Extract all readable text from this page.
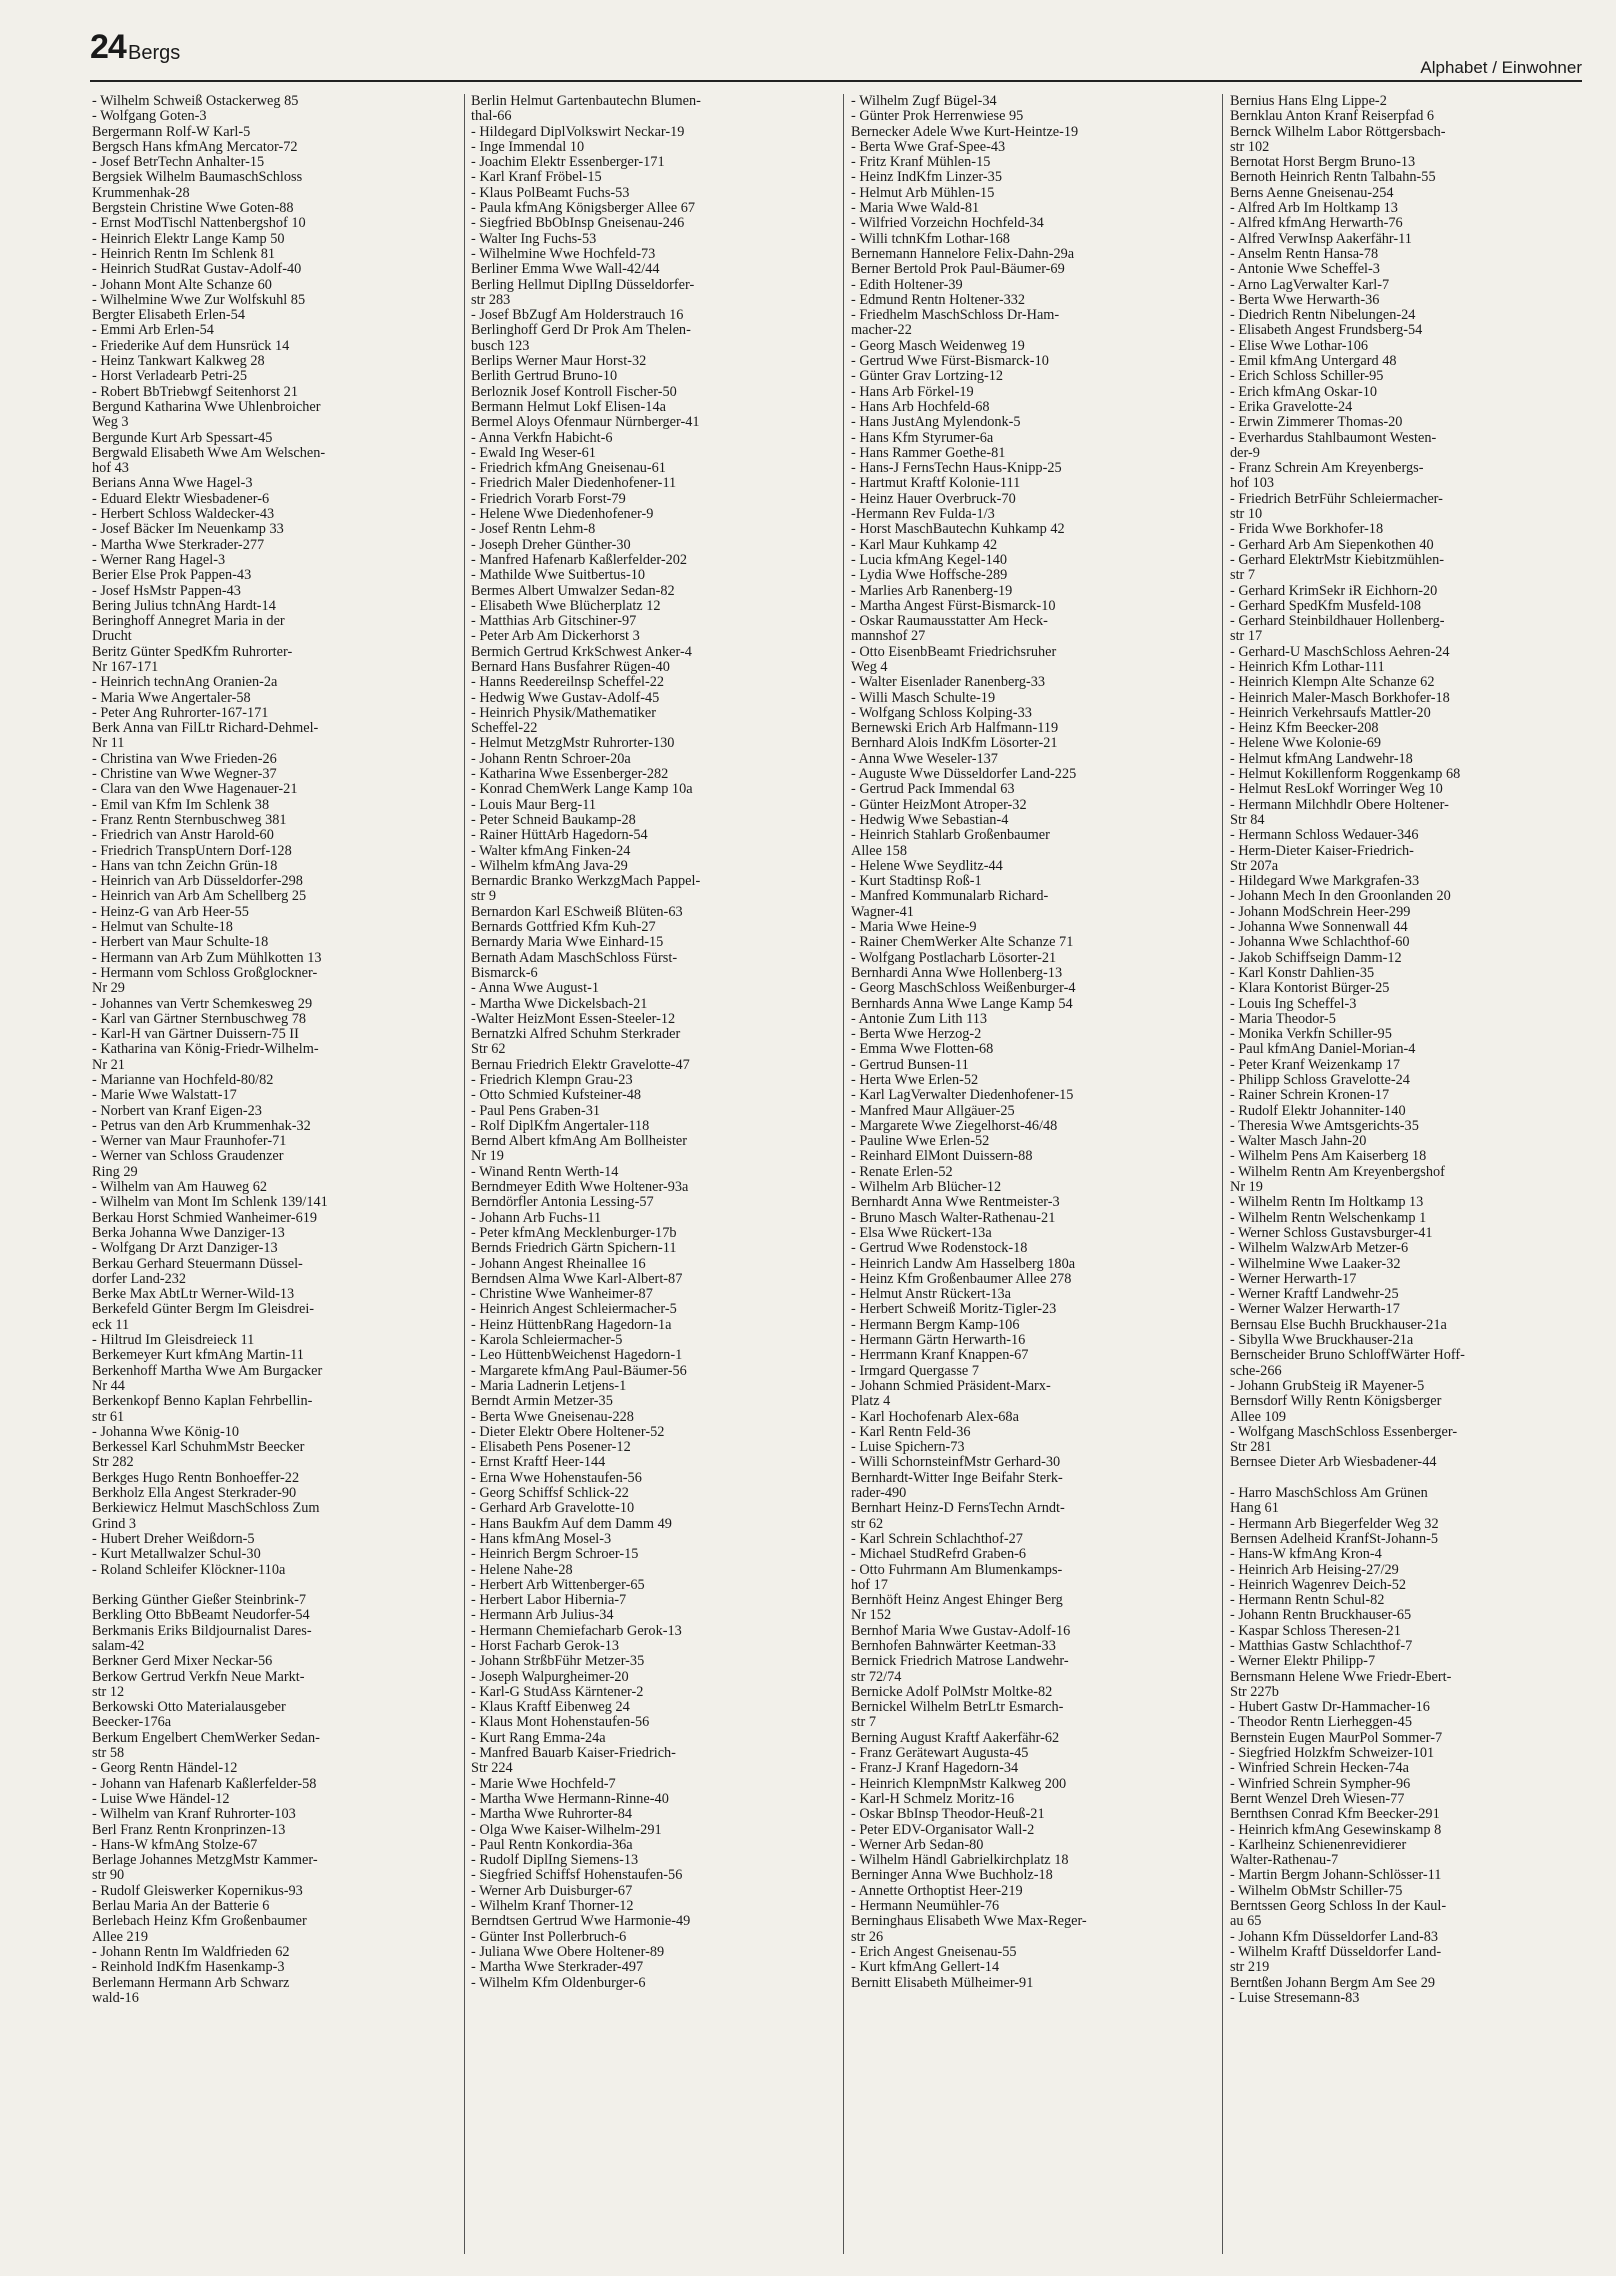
24 Bergs
Alphabet / Einwohner
- Wilhelm Schweiß Ostackerweg 85
- Wolfgang Goten-3
Bergermann Rolf-W Karl-5
Bergsch Hans kfmAng Mercator-72
- Josef BetrTechn Anhalter-15
Bergsiek Wilhelm BaumaschSchloss
Krummenhak-28
Bergstein Christine Wwe Goten-88
- Ernst ModTischl Nattenbergshof 10
- Heinrich Elektr Lange Kamp 50
- Heinrich Rentn Im Schlenk 81
- Heinrich StudRat Gustav-Adolf-40
- Johann Mont Alte Schanze 60
- Wilhelmine Wwe Zur Wolfskuhl 85
Bergter Elisabeth Erlen-54
- Emmi Arb Erlen-54
- Friederike Auf dem Hunsrück 14
- Heinz Tankwart Kalkweg 28
- Horst Verladearb Petri-25
- Robert BbTriebwgf Seitenhorst 21
Bergund Katharina Wwe Uhlenbroicher
Weg 3
Bergunde Kurt Arb Spessart-45
Bergwald Elisabeth Wwe Am Welschen-
hof 43
Berians Anna Wwe Hagel-3
- Eduard Elektr Wiesbadener-6
- Herbert Schloss Waldecker-43
- Josef Bäcker Im Neuenkamp 33
- Martha Wwe Sterkrader-277
- Werner Rang Hagel-3
Berier Else Prok Pappen-43
- Josef HsMstr Pappen-43
Bering Julius tchnAng Hardt-14
Beringhoff Annegret Maria in der
Drucht
Beritz Günter SpedKfm Ruhrorter-
Nr 167-171
- Heinrich technAng Oranien-2a
- Maria Wwe Angertaler-58
- Peter Ang Ruhrorter-167-171
Berk Anna van FilLtr Richard-Dehmel-
Nr 11
- Christina van Wwe Frieden-26
- Christine van Wwe Wegner-37
- Clara van den Wwe Hagenauer-21
- Emil van Kfm Im Schlenk 38
- Franz Rentn Sternbuschweg 381
- Friedrich van Anstr Harold-60
- Friedrich TranspUntern Dorf-128
- Hans van tchn Zeichn Grün-18
- Heinrich van Arb Düsseldorfer-298
- Heinrich van Arb Am Schellberg 25
- Heinz-G van Arb Heer-55
- Helmut van Schulte-18
- Herbert van Maur Schulte-18
- Hermann van Arb Zum Mühlkotten 13
- Hermann vom Schloss Großglockner-
Nr 29
- Johannes van Vertr Schemkesweg 29
- Karl van Gärtner Sternbuschweg 78
- Karl-H van Gärtner Duissern-75 II
- Katharina van König-Friedr-Wilhelm-
Nr 21
- Marianne van Hochfeld-80/82
- Marie Wwe Walstatt-17
- Norbert van Kranf Eigen-23
- Petrus van den Arb Krummenhak-32
- Werner van Maur Fraunhofer-71
- Werner van Schloss Graudenzer
Ring 29
- Wilhelm van Am Hauweg 62
- Wilhelm van Mont Im Schlenk 139/141
Berkau Horst Schmied Wanheimer-619
Berka Johanna Wwe Danziger-13
- Wolfgang Dr Arzt Danziger-13
Berkau Gerhard Steuermann Düssel-
dorfer Land-232
Berke Max AbtLtr Werner-Wild-13
Berkefeld Günter Bergm Im Gleisdrei-
eck 11
- Hiltrud Im Gleisdreieck 11
Berkemeyer Kurt kfmAng Martin-11
Berkenhoff Martha Wwe Am Burgacker
Nr 44
Berkenkopf Benno Kaplan Fehrbellin-
str 61
- Johanna Wwe König-10
Berkessel Karl SchuhmMstr Beecker
Str 282
Berkges Hugo Rentn Bonhoeffer-22
Berkholz Ella Angest Sterkrader-90
Berkiewicz Helmut MaschSchloss Zum
Grind 3
- Hubert Dreher Weißdorn-5
- Kurt Metallwalzer Schul-30
- Roland Schleifer Klöckner-110a

Berking Günther Gießer Steinbrink-7
Berkling Otto BbBeamt Neudorfer-54
Berkmanis Eriks Bildjournalist Dares-
salam-42
Berkner Gerd Mixer Neckar-56
Berkow Gertrud Verkfn Neue Markt-
str 12
Berkowski Otto Materialausgeber
Beecker-176a
Berkum Engelbert ChemWerker Sedan-
str 58
- Georg Rentn Händel-12
- Johann van Hafenarb Kaßlerfelder-58
- Luise Wwe Händel-12
- Wilhelm van Kranf Ruhrorter-103
Berl Franz Rentn Kronprinzen-13
- Hans-W kfmAng Stolze-67
Berlage Johannes MetzgMstr Kammer-
str 90
- Rudolf Gleiswerker Kopernikus-93
Berlau Maria An der Batterie 6
Berlebach Heinz Kfm Großenbaumer
Allee 219
- Johann Rentn Im Waldfrieden 62
- Reinhold IndKfm Hasenkamp-3
Berlemann Hermann Arb Schwarz
wald-16
Berlin Helmut Gartenbautechn Blumen-
thal-66
- Hildegard DiplVolkswirt Neckar-19
- Inge Immendal 10
- Joachim Elektr Essenberger-171
- Karl Kranf Fröbel-15
- Klaus PolBeamt Fuchs-53
- Paula kfmAng Königsberger Allee 67
- Siegfried BbObInsp Gneisenau-246
- Walter Ing Fuchs-53
- Wilhelmine Wwe Hochfeld-73
Berliner Emma Wwe Wall-42/44
Berling Hellmut DiplIng Düsseldorfer-
str 283
- Josef BbZugf Am Holderstrauch 16
Berlinghoff Gerd Dr Prok Am Thelen-
busch 123
Berlips Werner Maur Horst-32
Berlith Gertrud Bruno-10
Berloznik Josef Kontroll Fischer-50
Bermann Helmut Lokf Elisen-14a
Bermel Aloys Ofenmaur Nürnberger-41
- Anna Verkfn Habicht-6
- Ewald Ing Weser-61
- Friedrich kfmAng Gneisenau-61
- Friedrich Maler Diedenhofener-11
- Friedrich Vorarb Forst-79
- Helene Wwe Diedenhofener-9
- Josef Rentn Lehm-8
- Joseph Dreher Günther-30
- Manfred Hafenarb Kaßlerfelder-202
- Mathilde Wwe Suitbertus-10
Bermes Albert Umwalzer Sedan-82
- Elisabeth Wwe Blücherplatz 12
- Matthias Arb Gitschiner-97
- Peter Arb Am Dickerhorst 3
Bermich Gertrud KrkSchwest Anker-4
Bernard Hans Busfahrer Rügen-40
- Hanns Reedereilnsp Scheffel-22
- Hedwig Wwe Gustav-Adolf-45
- Heinrich Physik/Mathematiker
Scheffel-22
- Helmut MetzgMstr Ruhrorter-130
- Johann Rentn Schroer-20a
- Katharina Wwe Essenberger-282
- Konrad ChemWerk Lange Kamp 10a
- Louis Maur Berg-11
- Peter Schneid Baukamp-28
- Rainer HüttArb Hagedorn-54
- Walter kfmAng Finken-24
- Wilhelm kfmAng Java-29
Bernardic Branko WerkzgMach Pappel-
str 9
Bernardon Karl ESchweiß Blüten-63
Bernards Gottfried Kfm Kuh-27
Bernardy Maria Wwe Einhard-15
Bernath Adam MaschSchloss Fürst-
Bismarck-6
- Anna Wwe August-1
- Martha Wwe Dickelsbach-21
-Walter HeizMont Essen-Steeler-12
Bernatzki Alfred Schuhm Sterkrader
Str 62
Bernau Friedrich Elektr Gravelotte-47
- Friedrich Klempn Grau-23
- Otto Schmied Kufsteiner-48
- Paul Pens Graben-31
- Rolf DiplKfm Angertaler-118
Bernd Albert kfmAng Am Bollheister
Nr 19
- Winand Rentn Werth-14
Berndmeyer Edith Wwe Holtener-93a
Berndörfler Antonia Lessing-57
- Johann Arb Fuchs-11
- Peter kfmAng Mecklenburger-17b
Bernds Friedrich Gärtn Spichern-11
- Johann Angest Rheinallee 16
Berndsen Alma Wwe Karl-Albert-87
- Christine Wwe Wanheimer-87
- Heinrich Angest Schleiermacher-5
- Heinz HüttenbRang Hagedorn-1a
- Karola Schleiermacher-5
- Leo HüttenbWeichenst Hagedorn-1
- Margarete kfmAng Paul-Bäumer-56
- Maria Ladnerin Letjens-1
Berndt Armin Metzer-35
- Berta Wwe Gneisenau-228
- Dieter Elektr Obere Holtener-52
- Elisabeth Pens Posener-12
- Ernst Kraftf Heer-144
- Erna Wwe Hohenstaufen-56
- Georg Schiffsf Schlick-22
- Gerhard Arb Gravelotte-10
- Hans Baukfm Auf dem Damm 49
- Hans kfmAng Mosel-3
- Heinrich Bergm Schroer-15
- Helene Nahe-28
- Herbert Arb Wittenberger-65
- Herbert Labor Hibernia-7
- Hermann Arb Julius-34
- Hermann Chemiefacharb Gerok-13
- Horst Facharb Gerok-13
- Johann StrßbFühr Metzer-35
- Joseph Walpurgheimer-20
- Karl-G StudAss Kärntener-2
- Klaus Kraftf Eibenweg 24
- Klaus Mont Hohenstaufen-56
- Kurt Rang Emma-24a
- Manfred Bauarb Kaiser-Friedrich-
Str 224
- Marie Wwe Hochfeld-7
- Martha Wwe Hermann-Rinne-40
- Martha Wwe Ruhrorter-84
- Olga Wwe Kaiser-Wilhelm-291
- Paul Rentn Konkordia-36a
- Rudolf DiplIng Siemens-13
- Siegfried Schiffsf Hohenstaufen-56
- Werner Arb Duisburger-67
- Wilhelm Kranf Thorner-12
Berndtsen Gertrud Wwe Harmonie-49
- Günter Inst Pollerbruch-6
- Juliana Wwe Obere Holtener-89
- Martha Wwe Sterkrader-497
- Wilhelm Kfm Oldenburger-6
- Wilhelm Zugf Bügel-34
- Günter Prok Herrenwiese 95
Bernecker Adele Wwe Kurt-Heintze-19
- Berta Wwe Graf-Spee-43
- Fritz Kranf Mühlen-15
- Heinz IndKfm Linzer-35
- Helmut Arb Mühlen-15
- Maria Wwe Wald-81
- Wilfried Vorzeichn Hochfeld-34
- Willi tchnKfm Lothar-168
Bernemann Hannelore Felix-Dahn-29a
Berner Bertold Prok Paul-Bäumer-69
- Edith Holtener-39
- Edmund Rentn Holtener-332
- Friedhelm MaschSchloss Dr-Ham-
macher-22
- Georg Masch Weidenweg 19
- Gertrud Wwe Fürst-Bismarck-10
- Günter Grav Lortzing-12
- Hans Arb Förkel-19
- Hans Arb Hochfeld-68
- Hans JustAng Mylendonk-5
- Hans Kfm Styrumer-6a
- Hans Rammer Goethe-81
- Hans-J FernsTechn Haus-Knipp-25
- Hartmut Kraftf Kolonie-111
- Heinz Hauer Overbruck-70
-Hermann Rev Fulda-1/3
- Horst MaschBautechn Kuhkamp 42
- Karl Maur Kuhkamp 42
- Lucia kfmAng Kegel-140
- Lydia Wwe Hoffsche-289
- Marlies Arb Ranenberg-19
- Martha Angest Fürst-Bismarck-10
- Oskar Raumausstatter Am Heck-
mannshof 27
- Otto EisenbBeamt Friedrichsruher
Weg 4
- Walter Eisenlader Ranenberg-33
- Willi Masch Schulte-19
- Wolfgang Schloss Kolping-33
Bernewski Erich Arb Halfmann-119
Bernhard Alois IndKfm Lösorter-21
- Anna Wwe Weseler-137
- Auguste Wwe Düsseldorfer Land-225
- Gertrud Pack Immendal 63
- Günter HeizMont Atroper-32
- Hedwig Wwe Sebastian-4
- Heinrich Stahlarb Großenbaumer
Allee 158
- Helene Wwe Seydlitz-44
- Kurt Stadtinsp Roß-1
- Manfred Kommunalarb Richard-
Wagner-41
- Maria Wwe Heine-9
- Rainer ChemWerker Alte Schanze 71
- Wolfgang Postlacharb Lösorter-21
Bernhardi Anna Wwe Hollenberg-13
- Georg MaschSchloss Weißenburger-4
Bernhards Anna Wwe Lange Kamp 54
- Antonie Zum Lith 113
- Berta Wwe Herzog-2
- Emma Wwe Flotten-68
- Gertrud Bunsen-11
- Herta Wwe Erlen-52
- Karl LagVerwalter Diedenhofener-15
- Manfred Maur Allgäuer-25
- Margarete Wwe Ziegelhorst-46/48
- Pauline Wwe Erlen-52
- Reinhard ElMont Duissern-88
- Renate Erlen-52
- Wilhelm Arb Blücher-12
Bernhardt Anna Wwe Rentmeister-3
- Bruno Masch Walter-Rathenau-21
- Elsa Wwe Rückert-13a
- Gertrud Wwe Rodenstock-18
- Heinrich Landw Am Hasselberg 180a
- Heinz Kfm Großenbaumer Allee 278
- Helmut Anstr Rückert-13a
- Herbert Schweiß Moritz-Tigler-23
- Hermann Bergm Kamp-106
- Hermann Gärtn Herwarth-16
- Herrmann Kranf Knappen-67
- Irmgard Quergasse 7
- Johann Schmied Präsident-Marx-
Platz 4
- Karl Hochofenarb Alex-68a
- Karl Rentn Feld-36
- Luise Spichern-73
- Willi SchornsteinfMstr Gerhard-30
Bernhardt-Witter Inge Beifahr Sterk-
rader-490
Bernhart Heinz-D FernsTechn Arndt-
str 62
- Karl Schrein Schlachthof-27
- Michael StudRefrd Graben-6
- Otto Fuhrmann Am Blumenkamps-
hof 17
Bernhöft Heinz Angest Ehinger Berg
Nr 152
Bernhof Maria Wwe Gustav-Adolf-16
Bernhofen Bahnwärter Keetman-33
Bernick Friedrich Matrose Landwehr-
str 72/74
Bernicke Adolf PolMstr Moltke-82
Bernickel Wilhelm BetrLtr Esmarch-
str 7
Berning August Kraftf Aakerfähr-62
- Franz Gerätewart Augusta-45
- Franz-J Kranf Hagedorn-34
- Heinrich KlempnMstr Kalkweg 200
- Karl-H Schmelz Moritz-16
- Oskar BbInsp Theodor-Heuß-21
- Peter EDV-Organisator Wall-2
- Werner Arb Sedan-80
- Wilhelm Händl Gabrielkirchplatz 18
Berninger Anna Wwe Buchholz-18
- Annette Orthoptist Heer-219
- Hermann Neumühler-76
Berninghaus Elisabeth Wwe Max-Reger-
str 26
- Erich Angest Gneisenau-55
- Kurt kfmAng Gellert-14
Bernitt Elisabeth Mülheimer-91
Bernius Hans Elng Lippe-2
Bernklau Anton Kranf Reiserpfad 6
Bernck Wilhelm Labor Röttgersbach-
str 102
Bernotat Horst Bergm Bruno-13
Bernoth Heinrich Rentn Talbahn-55
Berns Aenne Gneisenau-254
- Alfred Arb Im Holtkamp 13
- Alfred kfmAng Herwarth-76
- Alfred VerwInsp Aakerfähr-11
- Anselm Rentn Hansa-78
- Antonie Wwe Scheffel-3
- Arno LagVerwalter Karl-7
- Berta Wwe Herwarth-36
- Diedrich Rentn Nibelungen-24
- Elisabeth Angest Frundsberg-54
- Elise Wwe Lothar-106
- Emil kfmAng Untergard 48
- Erich Schloss Schiller-95
- Erich kfmAng Oskar-10
- Erika Gravelotte-24
- Erwin Zimmerer Thomas-20
- Everhardus Stahlbaumont Westen-
der-9
- Franz Schrein Am Kreyenbergs-
hof 103
- Friedrich BetrFühr Schleiermacher-
str 10
- Frida Wwe Borkhofer-18
- Gerhard Arb Am Siepenkothen 40
- Gerhard ElektrMstr Kiebitzmühlen-
str 7
- Gerhard KrimSekr iR Eichhorn-20
- Gerhard SpedKfm Musfeld-108
- Gerhard Steinbildhauer Hollenberg-
str 17
- Gerhard-U MaschSchloss Aehren-24
- Heinrich Kfm Lothar-111
- Heinrich Klempn Alte Schanze 62
- Heinrich Maler-Masch Borkhofer-18
- Heinrich Verkehrsaufs Mattler-20
- Heinz Kfm Beecker-208
- Helene Wwe Kolonie-69
- Helmut kfmAng Landwehr-18
- Helmut Kokillenform Roggenkamp 68
- Helmut ResLokf Worringer Weg 10
- Hermann Milchhdlr Obere Holtener-
Str 84
- Hermann Schloss Wedauer-346
- Herm-Dieter Kaiser-Friedrich-
Str 207a
- Hildegard Wwe Markgrafen-33
- Johann Mech In den Groonlanden 20
- Johann ModSchrein Heer-299
- Johanna Wwe Sonnenwall 44
- Johanna Wwe Schlachthof-60
- Jakob Schiffseign Damm-12
- Karl Konstr Dahlien-35
- Klara Kontorist Bürger-25
- Louis Ing Scheffel-3
- Maria Theodor-5
- Monika Verkfn Schiller-95
- Paul kfmAng Daniel-Morian-4
- Peter Kranf Weizenkamp 17
- Philipp Schloss Gravelotte-24
- Rainer Schrein Kronen-17
- Rudolf Elektr Johanniter-140
- Theresia Wwe Amtsgerichts-35
- Walter Masch Jahn-20
- Wilhelm Pens Am Kaiserberg 18
- Wilhelm Rentn Am Kreyenbergshof
Nr 19
- Wilhelm Rentn Im Holtkamp 13
- Wilhelm Rentn Welschenkamp 1
- Werner Schloss Gustavsburger-41
- Wilhelm WalzwArb Metzer-6
- Wilhelmine Wwe Laaker-32
- Werner Herwarth-17
- Werner Kraftf Landwehr-25
- Werner Walzer Herwarth-17
Bernsau Else Buchh Bruckhauser-21a
- Sibylla Wwe Bruckhauser-21a
Bernscheider Bruno SchloffWärter Hoff-
sche-266
- Johann GrubSteig iR Mayener-5
Bernsdorf Willy Rentn Königsberger
Allee 109
- Wolfgang MaschSchloss Essenberger-
Str 281
Bernsee Dieter Arb Wiesbadener-44

- Harro MaschSchloss Am Grünen
Hang 61
- Hermann Arb Biegerfelder Weg 32
Bernsen Adelheid KranfSt-Johann-5
- Hans-W kfmAng Kron-4
- Heinrich Arb Heising-27/29
- Heinrich Wagenrev Deich-52
- Hermann Rentn Schul-82
- Johann Rentn Bruckhauser-65
- Kaspar Schloss Theresen-21
- Matthias Gastw Schlachthof-7
- Werner Elektr Philipp-7
Bernsmann Helene Wwe Friedr-Ebert-
Str 227b
- Hubert Gastw Dr-Hammacher-16
- Theodor Rentn Lierheggen-45
Bernstein Eugen MaurPol Sommer-7
- Siegfried Holzkfm Schweizer-101
- Winfried Schrein Hecken-74a
- Winfried Schrein Sympher-96
Bernt Wenzel Dreh Wiesen-77
Bernthsen Conrad Kfm Beecker-291
- Heinrich kfmAng Gesewinskamp 8
- Karlheinz Schienenrevidierer
Walter-Rathenau-7
- Martin Bergm Johann-Schlösser-11
- Wilhelm ObMstr Schiller-75
Berntssen Georg Schloss In der Kaul-
au 65
- Johann Kfm Düsseldorfer Land-83
- Wilhelm Kraftf Düsseldorfer Land-
str 219
Berntßen Johann Bergm Am See 29
- Luise Stresemann-83
